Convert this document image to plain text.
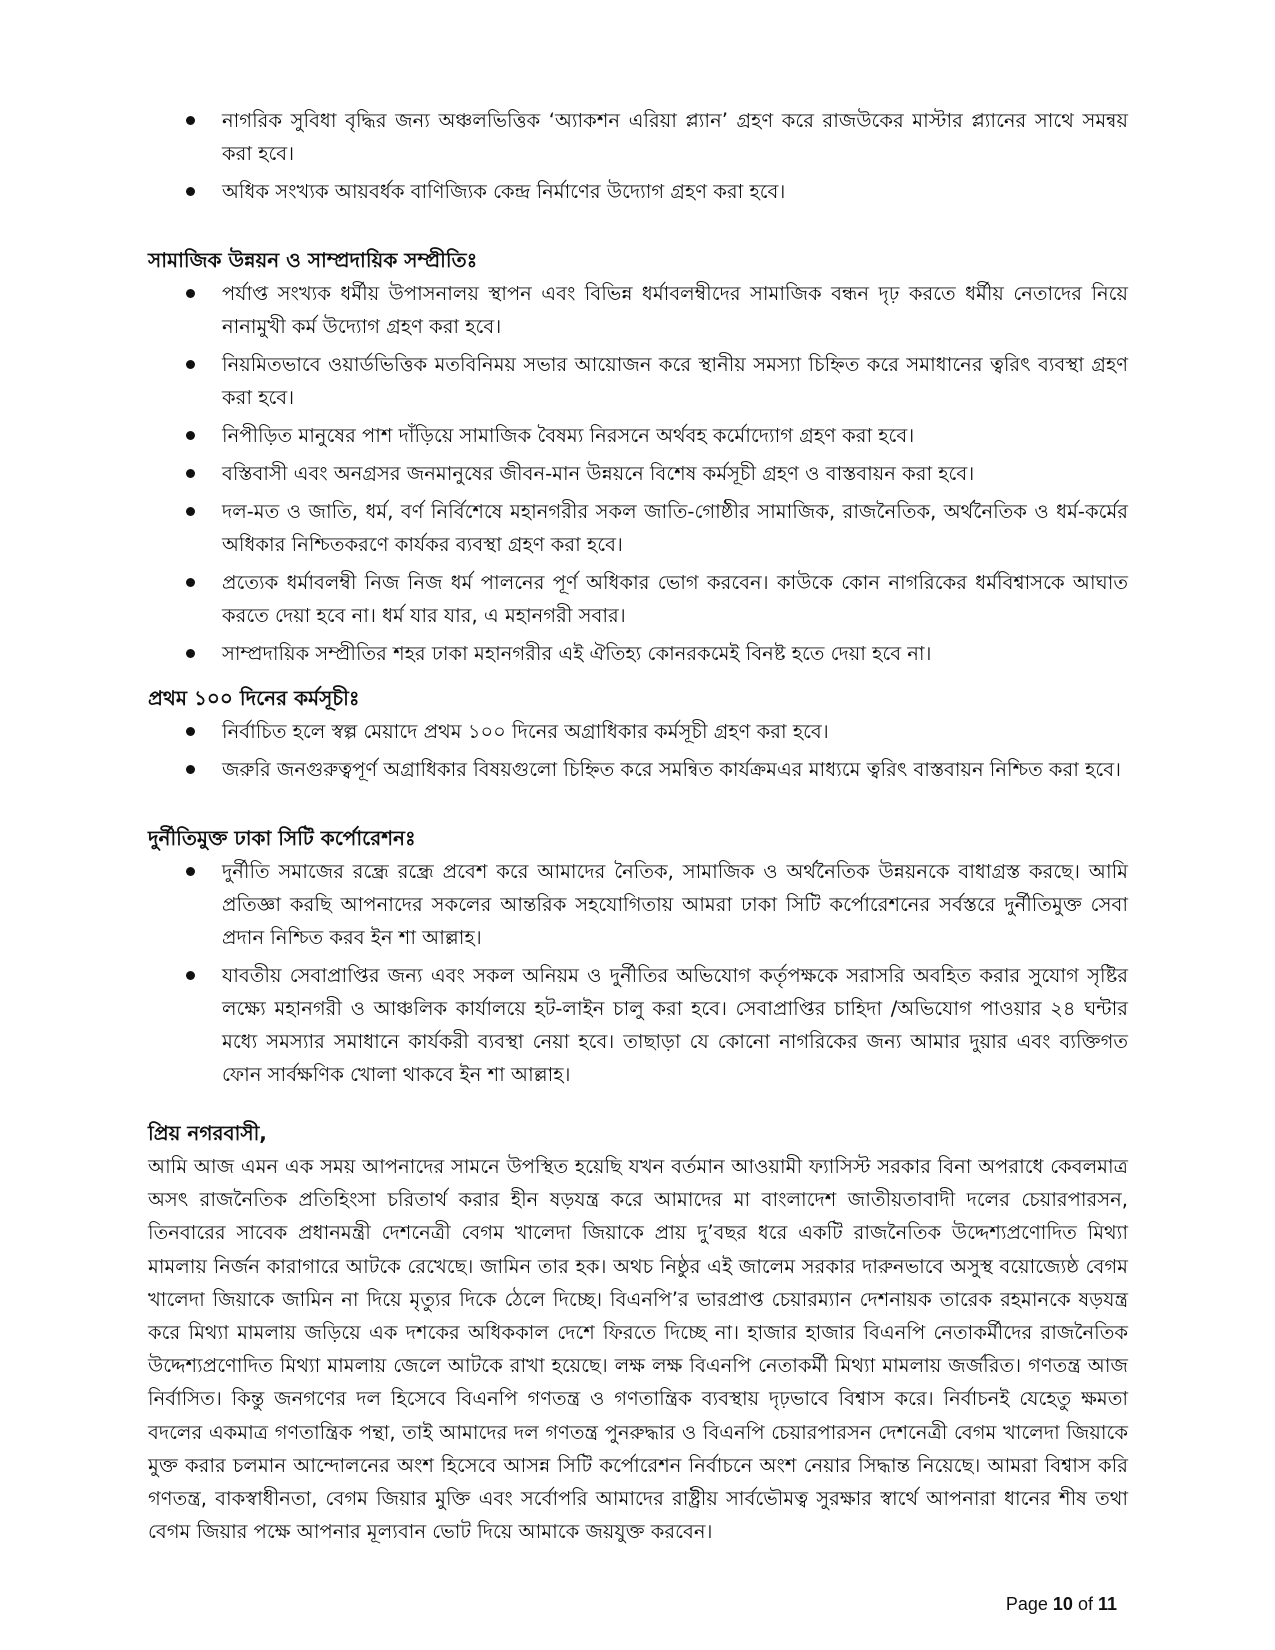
নাগরিক সুবিধা বৃদ্ধির জন্য অঞ্চলভিত্তিক ‘অ্যাকশন এরিয়া প্ল্যান’ গ্রহণ করে রাজউকের মাস্টার প্ল্যানের সাথে সমন্বয় করা হবে।
অধিক সংখ্যক আয়বর্ধক বাণিজ্যিক কেন্দ্র নির্মাণের উদ্যোগ গ্রহণ করা হবে।

সামাজিক উন্নয়ন ও সাম্প্রদায়িক সম্প্রীতিঃ

পর্যাপ্ত সংখ্যক ধর্মীয় উপাসনালয় স্থাপন এবং বিভিন্ন ধর্মাবলম্বীদের সামাজিক বন্ধন দৃঢ় করতে ধর্মীয় নেতাদের নিয়ে নানামুখী কর্ম উদ্যোগ গ্রহণ করা হবে।
নিয়মিতভাবে ওয়ার্ডভিত্তিক মতবিনিময় সভার আয়োজন করে স্থানীয় সমস্যা চিহ্নিত করে সমাধানের ত্বরিৎ ব্যবস্থা গ্রহণ করা হবে।
নিপীড়িত মানুষের পাশ দাঁড়িয়ে সামাজিক বৈষম্য নিরসনে অর্থবহ কর্মোদ্যোগ গ্রহণ করা হবে।
বস্তিবাসী এবং অনগ্রসর জনমানুষের জীবন-মান উন্নয়নে বিশেষ কর্মসূচী গ্রহণ ও বাস্তবায়ন করা হবে।
দল-মত ও জাতি, ধর্ম, বর্ণ নির্বিশেষে মহানগরীর সকল জাতি-গোষ্ঠীর সামাজিক, রাজনৈতিক, অর্থনৈতিক ও ধর্ম-কর্মের অধিকার নিশ্চিতকরণে কার্যকর ব্যবস্থা গ্রহণ করা হবে।
প্রত্যেক ধর্মাবলম্বী নিজ নিজ ধর্ম পালনের পূর্ণ অধিকার ভোগ করবেন। কাউকে কোন নাগরিকের ধর্মবিশ্বাসকে আঘাত করতে দেয়া হবে না। ধর্ম যার যার, এ মহানগরী সবার।
সাম্প্রদায়িক সম্প্রীতির শহর ঢাকা মহানগরীর এই ঐতিহ্য কোনরকমেই বিনষ্ট হতে দেয়া হবে না।

প্রথম ১০০ দিনের কর্মসূচীঃ

নির্বাচিত হলে স্বল্প মেয়াদে প্রথম ১০০ দিনের অগ্রাধিকার কর্মসূচী গ্রহণ করা হবে।
জরুরি জনগুরুত্বপূর্ণ অগ্রাধিকার বিষয়গুলো চিহ্নিত করে সমন্বিত কার্যক্রমএর মাধ্যমে ত্বরিৎ বাস্তবায়ন নিশ্চিত করা হবে।

দুর্নীতিমুক্ত ঢাকা সিটি কর্পোরেশনঃ

দুর্নীতি সমাজের রন্ধ্রে রন্ধ্রে প্রবেশ করে আমাদের নৈতিক, সামাজিক ও অর্থনৈতিক উন্নয়নকে বাধাগ্রস্ত করছে। আমি প্রতিজ্ঞা করছি আপনাদের সকলের আন্তরিক সহযোগিতায় আমরা ঢাকা সিটি কর্পোরেশনের সর্বস্তরে দুর্নীতিমুক্ত সেবা প্রদান নিশ্চিত করব ইন শা আল্লাহ।
যাবতীয় সেবাপ্রাপ্তির জন্য এবং সকল অনিয়ম ও দুর্নীতির অভিযোগ কর্তৃপক্ষকে সরাসরি অবহিত করার সুযোগ সৃষ্টির লক্ষ্যে মহানগরী ও আঞ্চলিক কার্যালয়ে হট-লাইন চালু করা হবে। সেবাপ্রাপ্তির চাহিদা /অভিযোগ পাওয়ার ২৪ ঘন্টার মধ্যে সমস্যার সমাধানে কার্যকরী ব্যবস্থা নেয়া হবে। তাছাড়া যে কোনো নাগরিকের জন্য আমার দুয়ার এবং ব্যক্তিগত ফোন সার্বক্ষণিক খোলা থাকবে ইন শা আল্লাহ।

প্রিয় নগরবাসী,

আমি আজ এমন এক সময় আপনাদের সামনে উপস্থিত হয়েছি যখন বর্তমান আওয়ামী ফ্যাসিস্ট সরকার বিনা অপরাধে কেবলমাত্র অসৎ রাজনৈতিক প্রতিহিংসা চরিতার্থ করার হীন ষড়যন্ত্র করে আমাদের মা বাংলাদেশ জাতীয়তাবাদী দলের চেয়ারপারসন, তিনবারের সাবেক প্রধানমন্ত্রী দেশনেত্রী বেগম খালেদা জিয়াকে প্রায় দু’বছর ধরে একটি রাজনৈতিক উদ্দেশ্যপ্রণোদিত মিথ্যা মামলায় নির্জন কারাগারে আটকে রেখেছে। জামিন তার হক। অথচ নিষ্ঠুর এই জালেম সরকার দারুনভাবে অসুস্থ বয়োজ্যেষ্ঠ বেগম খালেদা জিয়াকে জামিন না দিয়ে মৃত্যুর দিকে ঠেলে দিচ্ছে। বিএনপি’র ভারপ্রাপ্ত চেয়ারম্যান দেশনায়ক তারেক রহমানকে ষড়যন্ত্র করে মিথ্যা মামলায় জড়িয়ে এক দশকের অধিককাল দেশে ফিরতে দিচ্ছে না। হাজার হাজার বিএনপি নেতাকর্মীদের রাজনৈতিক উদ্দেশ্যপ্রণোদিত মিথ্যা মামলায় জেলে আটকে রাখা হয়েছে। লক্ষ লক্ষ বিএনপি নেতাকর্মী মিথ্যা মামলায় জর্জরিত। গণতন্ত্র আজ নির্বাসিত। কিন্তু জনগণের দল হিসেবে বিএনপি গণতন্ত্র ও গণতান্ত্রিক ব্যবস্থায় দৃঢ়ভাবে বিশ্বাস করে। নির্বাচনই যেহেতু ক্ষমতা বদলের একমাত্র গণতান্ত্রিক পন্থা, তাই আমাদের দল গণতন্ত্র পুনরুদ্ধার ও বিএনপি চেয়ারপারসন দেশনেত্রী বেগম খালেদা জিয়াকে মুক্ত করার চলমান আন্দোলনের অংশ হিসেবে আসন্ন সিটি কর্পোরেশন নির্বাচনে অংশ নেয়ার সিদ্ধান্ত নিয়েছে। আমরা বিশ্বাস করি গণতন্ত্র, বাকস্বাধীনতা, বেগম জিয়ার মুক্তি এবং সর্বোপরি আমাদের রাষ্ট্রীয় সার্বভৌমত্ব সুরক্ষার স্বার্থে আপনারা ধানের শীষ তথা বেগম জিয়ার পক্ষে আপনার মূল্যবান ভোট দিয়ে আমাকে জয়যুক্ত করবেন।

Page 10 of 11
